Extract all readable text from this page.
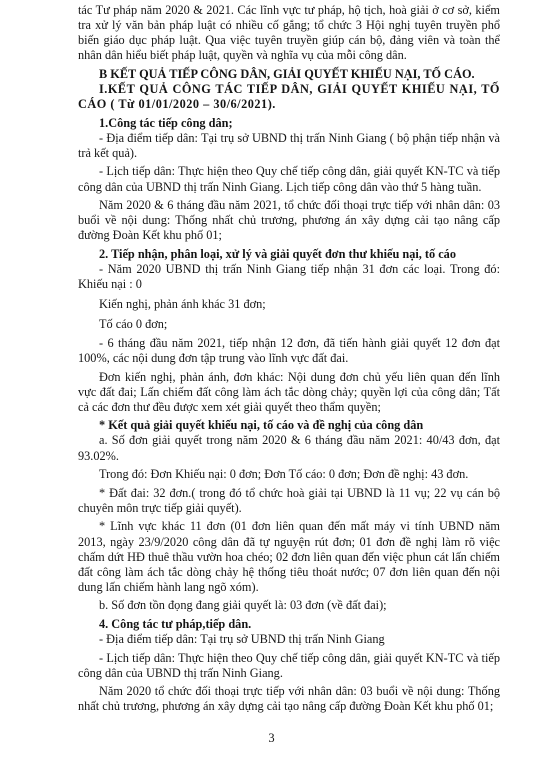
tác Tư pháp năm 2020 & 2021. Các lĩnh vực tư pháp, hộ tịch, hoà giải ở cơ sở, kiểm tra xử lý văn bản pháp luật có nhiều cố gắng; tổ chức 3 Hội nghị tuyên truyền phổ biến giáo dục pháp luật. Qua việc tuyên truyền giúp cán bộ, đảng viên và toàn thể nhân dân hiểu biết pháp luật, quyền và nghĩa vụ của mỗi công dân.

B KẾT QUẢ TIẾP CÔNG DÂN, GIẢI QUYẾT KHIẾU NẠI, TỐ CÁO.

I.KẾT QUẢ CÔNG TÁC TIẾP DÂN, GIẢI QUYẾT KHIẾU NẠI, TỐ CÁO ( Từ 01/01/2020 – 30/6/2021).

1.Công tác tiếp công dân;

- Địa điểm tiếp dân: Tại trụ sở UBND thị trấn Ninh Giang ( bộ phận tiếp nhận và trả kết quả).

- Lịch tiếp dân: Thực hiện theo Quy chế tiếp công dân, giải quyết KN-TC và tiếp công dân của UBND thị trấn Ninh Giang. Lịch tiếp công dân vào thứ 5 hàng tuần.

Năm 2020 & 6 tháng đầu năm 2021, tổ chức đối thoại trực tiếp với nhân dân: 03 buổi về nội dung: Thống nhất chủ trương, phương án xây dựng cải tạo nâng cấp đường Đoàn Kết khu phố 01;

2. Tiếp nhận, phân loại, xử lý và giải quyết đơn thư khiếu nại, tố cáo

- Năm 2020 UBND thị trấn Ninh Giang tiếp nhận 31 đơn các loại. Trong đó: Khiếu nại : 0

Kiến nghị, phản ánh khác 31 đơn;

Tố cáo 0 đơn;

- 6 tháng đầu năm 2021, tiếp nhận 12 đơn, đã tiến hành giải quyết 12 đơn đạt 100%, các nội dung đơn tập trung vào lĩnh vực đất đai.

Đơn kiến nghị, phản ánh, đơn khác: Nội dung đơn chủ yếu liên quan đến lĩnh vực đất đai; Lấn chiếm đất công làm ách tắc dòng chảy; quyền lợi của công dân; Tất cả các đơn thư đều được xem xét giải quyết theo thẩm quyền;

* Kết quả giải quyết khiếu nại, tố cáo và đề nghị của công dân

a. Số đơn giải quyết trong năm 2020 & 6 tháng đầu năm 2021: 40/43 đơn, đạt 93.02%.

Trong đó: Đơn Khiếu nại: 0 đơn; Đơn Tố cáo: 0 đơn; Đơn đề nghị: 43 đơn.

* Đất đai: 32 đơn.( trong đó tổ chức hoà giải tại UBND là 11 vụ; 22 vụ cán bộ chuyên môn trực tiếp giải quyết).

* Lĩnh vực khác 11 đơn (01 đơn liên quan đến mất máy vi tính UBND năm 2013, ngày 23/9/2020 công dân đã tự nguyện rút đơn; 01 đơn đề nghị làm rõ việc chấm dứt HĐ thuê thầu vườn hoa chéo; 02 đơn liên quan đến việc phun cát lấn chiếm đất công làm ách tắc dòng chảy hệ thống tiêu thoát nước; 07 đơn liên quan đến nội dung lấn chiếm hành lang ngõ xóm).

b. Số đơn tồn đọng đang giải quyết là: 03 đơn (về đất đai);

4. Công tác tư pháp,tiếp dân.

- Địa điểm tiếp dân: Tại trụ sở UBND thị trấn Ninh Giang

- Lịch tiếp dân: Thực hiện theo Quy chế tiếp công dân, giải quyết KN-TC và tiếp công dân của UBND thị trấn Ninh Giang.

Năm 2020 tổ chức đối thoại trực tiếp với nhân dân: 03 buổi về nội dung: Thống nhất chủ trương, phương án xây dựng cải tạo nâng cấp đường Đoàn Kết khu phố 01;

3
